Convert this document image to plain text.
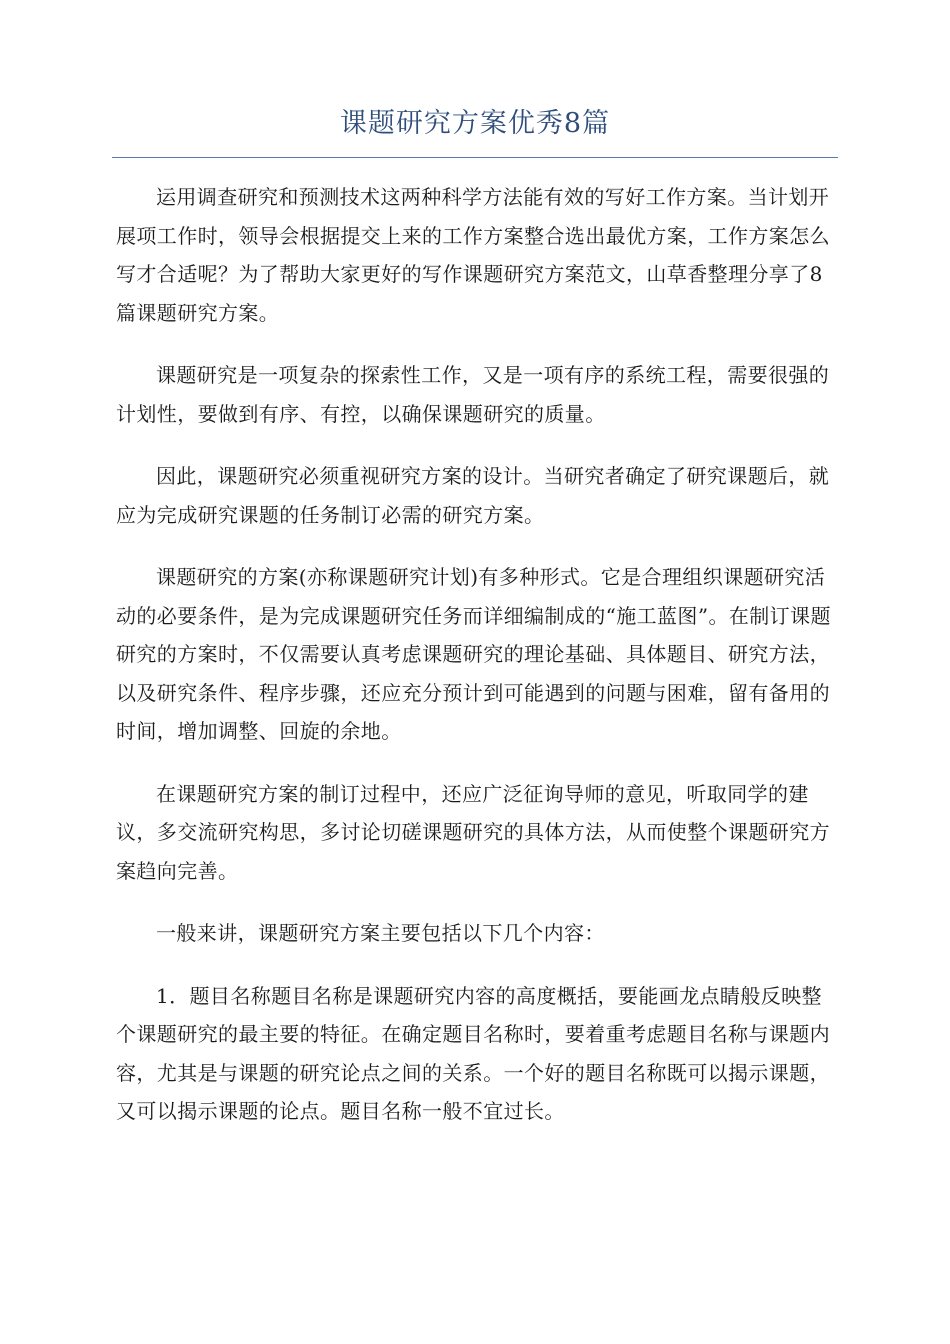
课题研究方案优秀8篇

运用调查研究和预测技术这两种科学方法能有效的写好工作方案。当计划开展项工作时，领导会根据提交上来的工作方案整合选出最优方案，工作方案怎么写才合适呢？为了帮助大家更好的写作课题研究方案范文，山草香整理分享了8篇课题研究方案。

课题研究是一项复杂的探索性工作，又是一项有序的系统工程，需要很强的计划性，要做到有序、有控，以确保课题研究的质量。

因此，课题研究必须重视研究方案的设计。当研究者确定了研究课题后，就应为完成研究课题的任务制订必需的研究方案。

课题研究的方案(亦称课题研究计划)有多种形式。它是合理组织课题研究活动的必要条件，是为完成课题研究任务而详细编制成的“施工蓝图”。在制订课题研究的方案时，不仅需要认真考虑课题研究的理论基础、具体题目、研究方法，以及研究条件、程序步骤，还应充分预计到可能遇到的问题与困难，留有备用的时间，增加调整、回旋的余地。

在课题研究方案的制订过程中，还应广泛征询导师的意见，听取同学的建议，多交流研究构思，多讨论切磋课题研究的具体方法，从而使整个课题研究方案趋向完善。

一般来讲，课题研究方案主要包括以下几个内容：

1．题目名称题目名称是课题研究内容的高度概括，要能画龙点睛般反映整个课题研究的最主要的特征。在确定题目名称时，要着重考虑题目名称与课题内容，尤其是与课题的研究论点之间的关系。一个好的题目名称既可以揭示课题，又可以揭示课题的论点。题目名称一般不宜过长。
